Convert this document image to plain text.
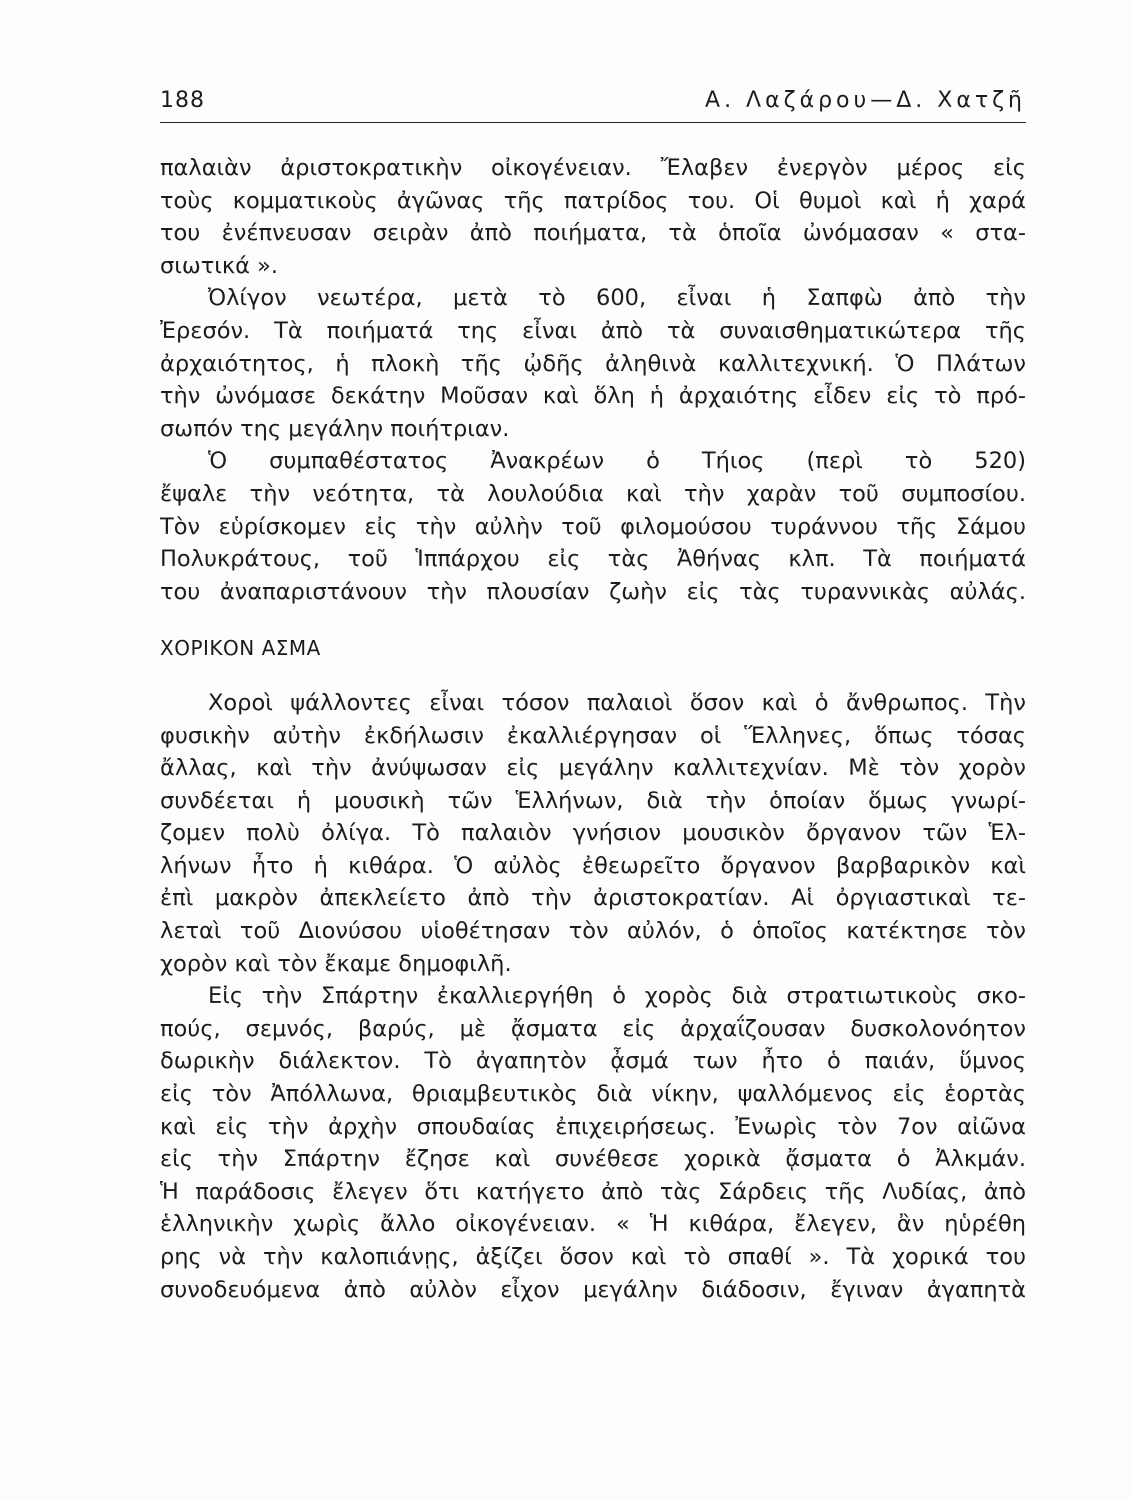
188	Α. Λαζάρου—Δ. Χατζῆ
παλαιὰν ἀριστοκρατικὴν οἰκογένειαν. Ἔλαβεν ἐνεργὸν μέρος εἰς
τοὺς κομματικοὺς ἀγῶνας τῆς πατρίδος του. Οἱ θυμοὶ καὶ ἡ χαρά
του ἐνέπνευσαν σειρὰν ἀπὸ ποιήματα, τὰ ὁποῖα ὠνόμασαν « στα-
σιωτικά ».
Ὀλίγον νεωτέρα, μετὰ τὸ 600, εἶναι ἡ Σαπφὼ ἀπὸ τὴν
Ἐρεσόν. Τὰ ποιήματά της εἶναι ἀπὸ τὰ συναισθηματικώτερα τῆς
ἀρχαιότητος, ἡ πλοκὴ τῆς ᾠδῆς ἀληθινὰ καλλιτεχνική. Ὁ Πλάτων
τὴν ὠνόμασε δεκάτην Μοῦσαν καὶ ὅλη ἡ ἀρχαιότης εἶδεν εἰς τὸ πρό-
σωπόν της μεγάλην ποιήτριαν.
Ὁ συμπαθέστατος Ἀνακρέων ὁ Τήιος (περὶ τὸ 520)
ἔψαλε τὴν νεότητα, τὰ λουλούδια καὶ τὴν χαρὰν τοῦ συμποσίου.
Τὸν εὑρίσκομεν εἰς τὴν αὐλὴν τοῦ φιλομούσου τυράννου τῆς Σάμου
Πολυκράτους, τοῦ Ἱππάρχου εἰς τὰς Ἀθήνας κλπ. Τὰ ποιήματά
του ἀναπαριστάνουν τὴν πλουσίαν ζωὴν εἰς τὰς τυραννικὰς αὐλάς.
ΧΟΡΙΚΟΝ ΑΣΜΑ
Χοροὶ ψάλλοντες εἶναι τόσον παλαιοὶ ὅσον καὶ ὁ ἄνθρωπος. Τὴν
φυσικὴν αὐτὴν ἐκδήλωσιν ἐκαλλιέργησαν οἱ Ἕλληνες, ὅπως τόσας
ἄλλας, καὶ τὴν ἀνύψωσαν εἰς μεγάλην καλλιτεχνίαν. Μὲ τὸν χορὸν
συνδέεται ἡ μουσικὴ τῶν Ἑλλήνων, διὰ τὴν ὁποίαν ὅμως γνωρί-
ζομεν πολὺ ὀλίγα. Τὸ παλαιὸν γνήσιον μουσικὸν ὄργανον τῶν Ἑλ-
λήνων ἦτο ἡ κιθάρα. Ὁ αὐλὸς ἐθεωρεῖτο ὄργανον βαρβαρικὸν καὶ
ἐπὶ μακρὸν ἀπεκλείετο ἀπὸ τὴν ἀριστοκρατίαν. Αἱ ὀργιαστικαὶ τε-
λεταὶ τοῦ Διονύσου υἱοθέτησαν τὸν αὐλόν, ὁ ὁποῖος κατέκτησε τὸν
χορὸν καὶ τὸν ἔκαμε δημοφιλῆ.
Εἰς τὴν Σπάρτην ἐκαλλιεργήθη ὁ χορὸς διὰ στρατιωτικοὺς σκο-
πούς, σεμνός, βαρύς, μὲ ᾄσματα εἰς ἀρχαΐζουσαν δυσκολονόητον
δωρικὴν διάλεκτον. Τὸ ἀγαπητὸν ᾆσμά των ἦτο ὁ παιάν, ὕμνος
εἰς τὸν Ἀπόλλωνα, θριαμβευτικὸς διὰ νίκην, ψαλλόμενος εἰς ἑορτὰς
καὶ εἰς τὴν ἀρχὴν σπουδαίας ἐπιχειρήσεως. Ἐνωρὶς τὸν 7ον αἰῶνα
εἰς τὴν Σπάρτην ἔζησε καὶ συνέθεσε χορικὰ ᾄσματα ὁ Ἀλκμάν.
Ἡ παράδοσις ἔλεγεν ὅτι κατήγετο ἀπὸ τὰς Σάρδεις τῆς Λυδίας, ἀπὸ
ἑλληνικὴν χωρὶς ἄλλο οἰκογένειαν. « Ἡ κιθάρα, ἔλεγεν, ἂν ηὑρέθη
ρης νὰ τὴν καλοπιάνῃς, ἀξίζει ὅσον καὶ τὸ σπαθί ». Τὰ χορικά του
συνοδευόμενα ἀπὸ αὐλὸν εἶχον μεγάλην διάδοσιν, ἔγιναν ἀγαπητὰ
